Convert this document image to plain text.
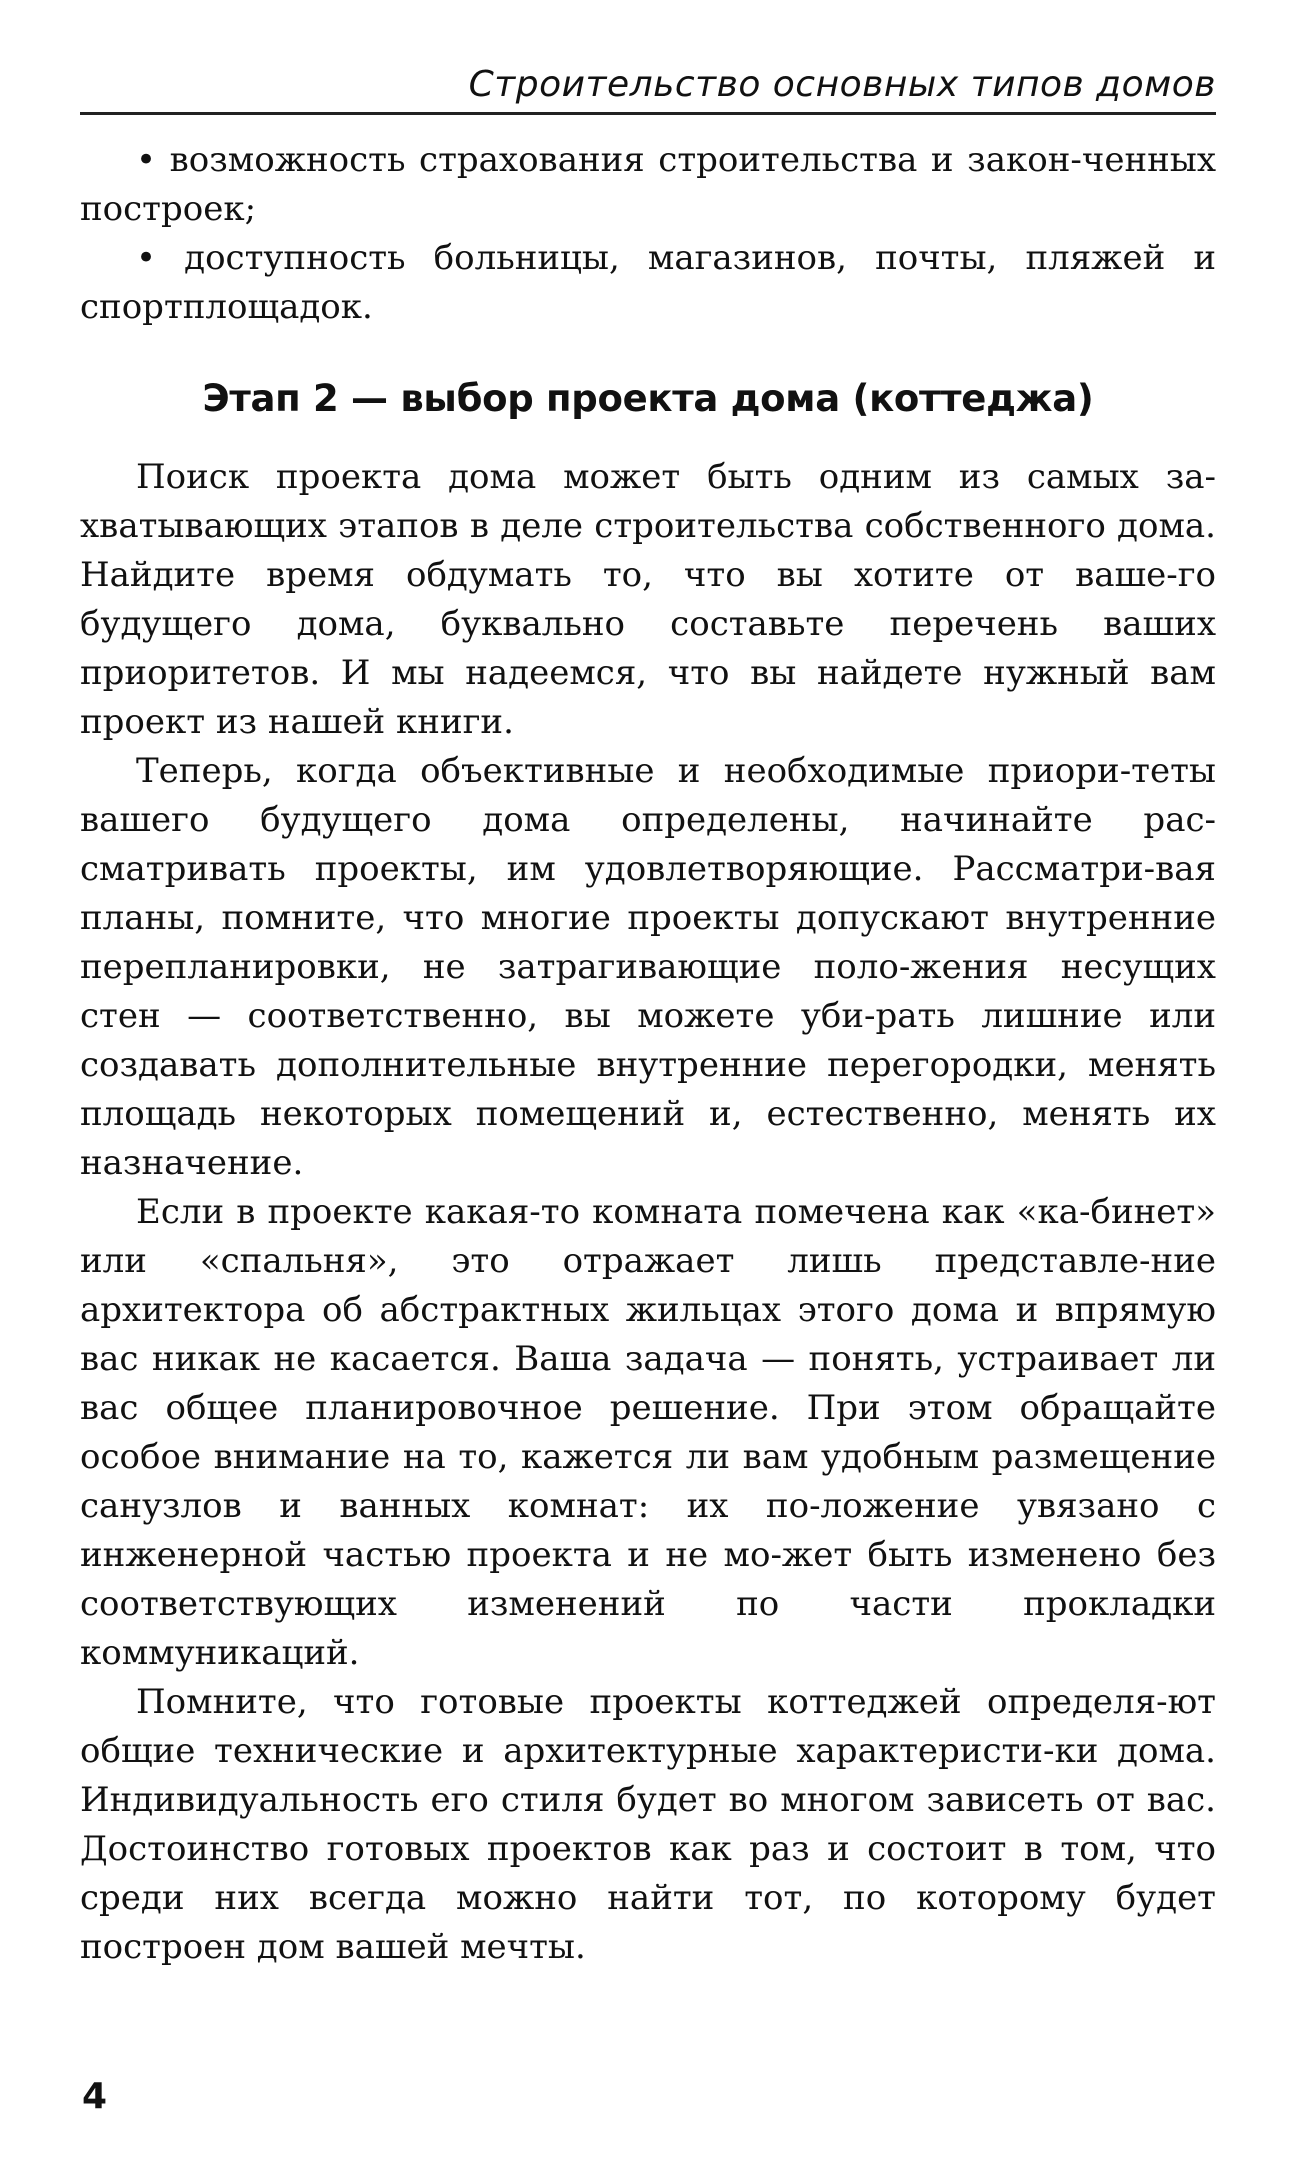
Строительство основных типов домов

• возможность страхования строительства и закон-ченных построек;

• доступность больницы, магазинов, почты, пляжей и спортплощадок.

Этап 2 — выбор проекта дома (коттеджа)

Поиск проекта дома может быть одним из самых за-хватывающих этапов в деле строительства собственного дома. Найдите время обдумать то, что вы хотите от ваше-го будущего дома, буквально составьте перечень ваших приоритетов. И мы надеемся, что вы найдете нужный вам проект из нашей книги.

Теперь, когда объективные и необходимые приори-теты вашего будущего дома определены, начинайте рас-сматривать проекты, им удовлетворяющие. Рассматри-вая планы, помните, что многие проекты допускают внутренние перепланировки, не затрагивающие поло-жения несущих стен — соответственно, вы можете уби-рать лишние или создавать дополнительные внутренние перегородки, менять площадь некоторых помещений и, естественно, менять их назначение.

Если в проекте какая-то комната помечена как «ка-бинет» или «спальня», это отражает лишь представле-ние архитектора об абстрактных жильцах этого дома и впрямую вас никак не касается. Ваша задача — понять, устраивает ли вас общее планировочное решение. При этом обращайте особое внимание на то, кажется ли вам удобным размещение санузлов и ванных комнат: их по-ложение увязано с инженерной частью проекта и не мо-жет быть изменено без соответствующих изменений по части прокладки коммуникаций.

Помните, что готовые проекты коттеджей определя-ют общие технические и архитектурные характеристи-ки дома. Индивидуальность его стиля будет во многом зависеть от вас. Достоинство готовых проектов как раз и состоит в том, что среди них всегда можно найти тот, по которому будет построен дом вашей мечты.

4
